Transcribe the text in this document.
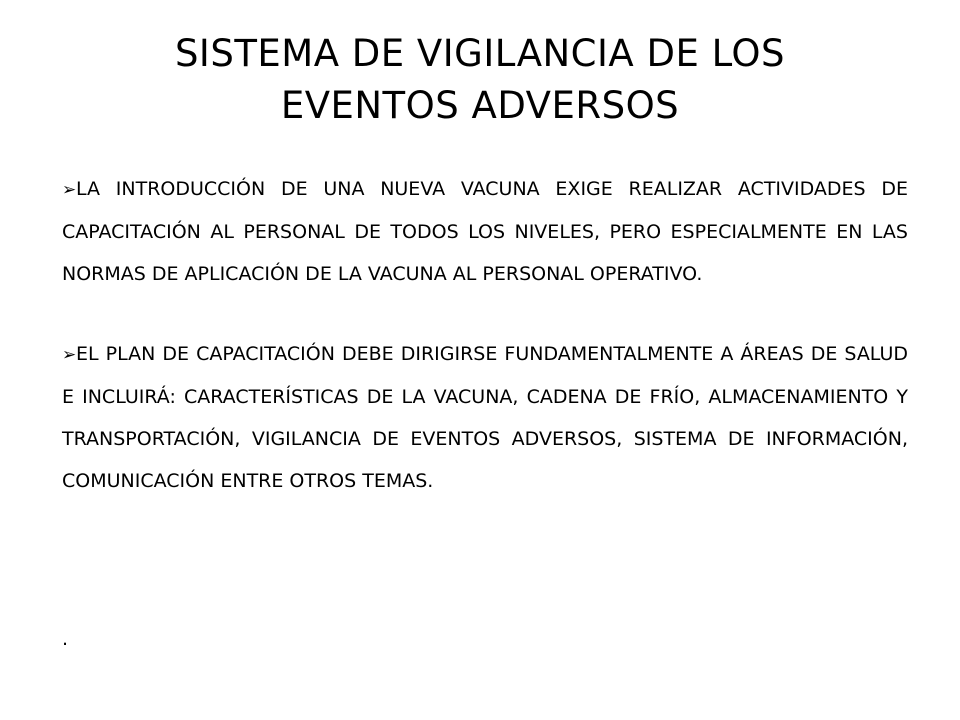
SISTEMA DE VIGILANCIA DE LOS
EVENTOS ADVERSOS

➢LA INTRODUCCIÓN DE UNA NUEVA VACUNA EXIGE REALIZAR ACTIVIDADES DE CAPACITACIÓN AL PERSONAL DE TODOS LOS NIVELES, PERO ESPECIALMENTE EN LAS NORMAS DE APLICACIÓN DE LA VACUNA AL PERSONAL OPERATIVO.

➢EL PLAN DE CAPACITACIÓN DEBE DIRIGIRSE FUNDAMENTALMENTE A ÁREAS DE SALUD E INCLUIRÁ: CARACTERÍSTICAS DE LA VACUNA, CADENA DE FRÍO, ALMACENAMIENTO Y TRANSPORTACIÓN, VIGILANCIA DE EVENTOS ADVERSOS, SISTEMA DE INFORMACIÓN, COMUNICACIÓN ENTRE OTROS TEMAS.

.
